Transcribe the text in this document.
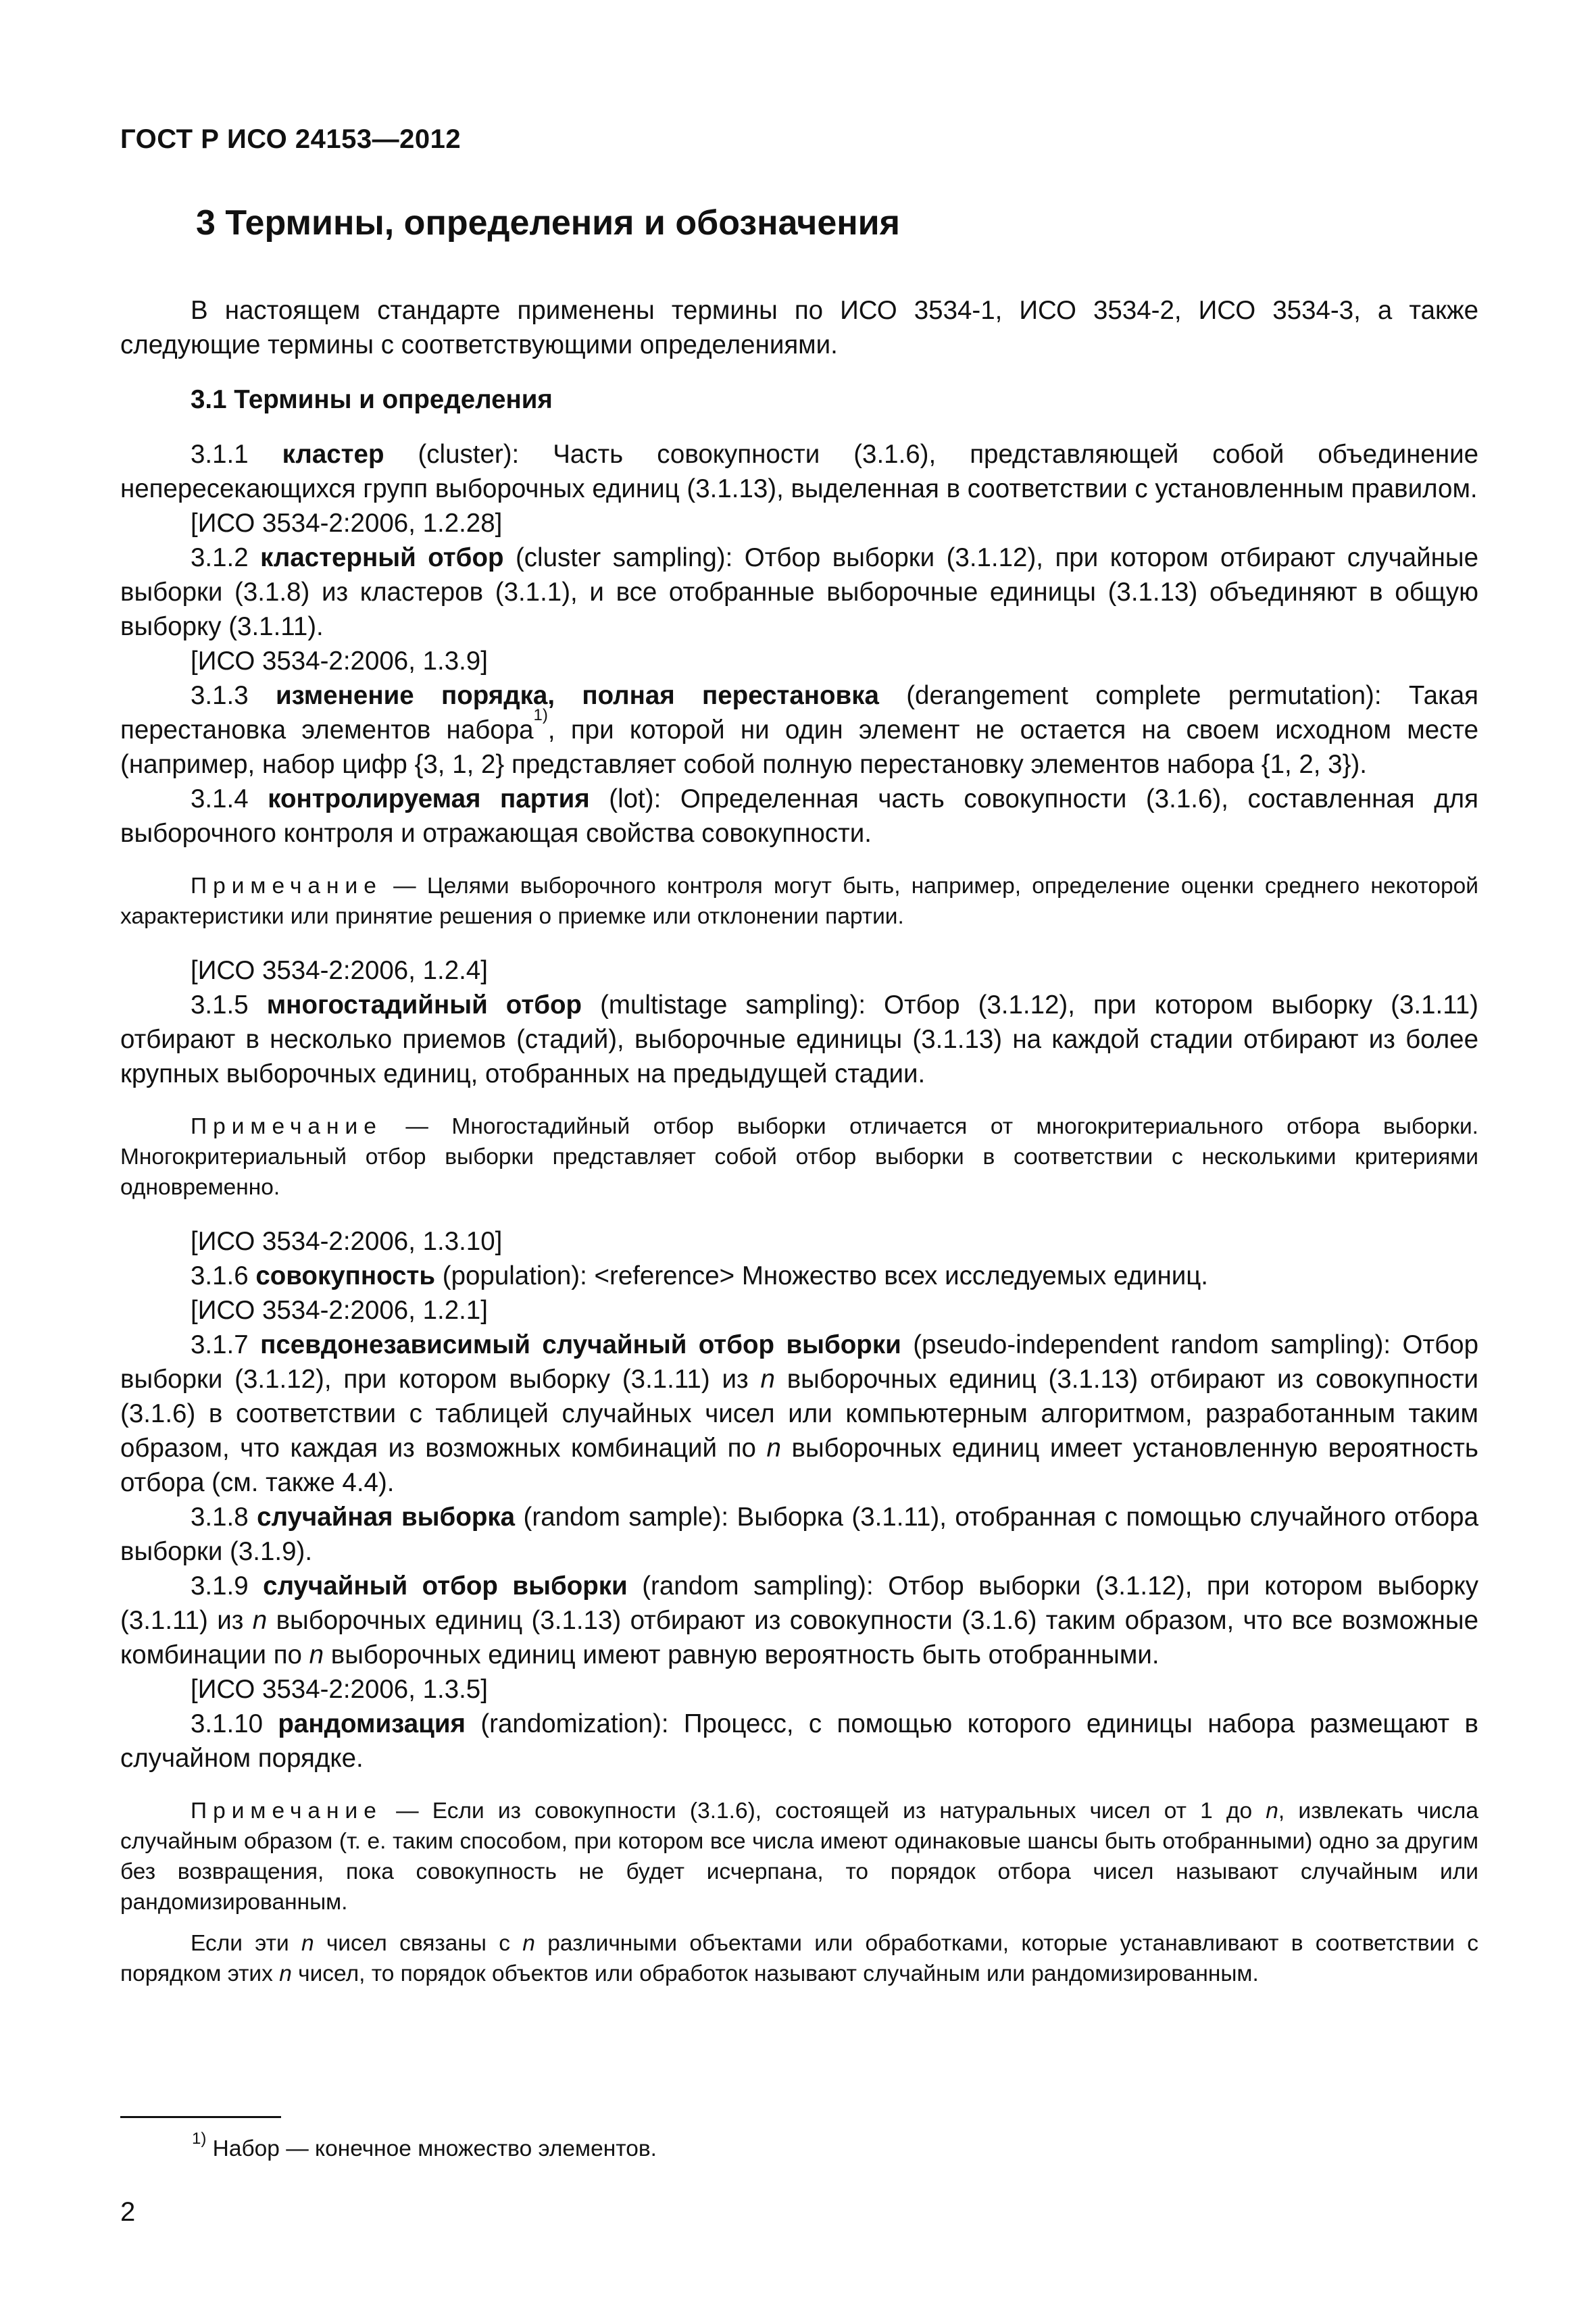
ГОСТ Р ИСО 24153—2012
3 Термины, определения и обозначения

В настоящем стандарте применены термины по ИСО 3534-1, ИСО 3534-2, ИСО 3534-3, а также следующие термины с соответствующими определениями.

3.1 Термины и определения

3.1.1 кластер (cluster): Часть совокупности (3.1.6), представляющей собой объединение непересекающихся групп выборочных единиц (3.1.13), выделенная в соответствии с установленным правилом.

[ИСО 3534-2:2006, 1.2.28]

3.1.2 кластерный отбор (cluster sampling): Отбор выборки (3.1.12), при котором отбирают случайные выборки (3.1.8) из кластеров (3.1.1), и все отобранные выборочные единицы (3.1.13) объединяют в общую выборку (3.1.11).

[ИСО 3534-2:2006, 1.3.9]

3.1.3 изменение порядка, полная перестановка (derangement complete permutation): Такая перестановка элементов набора$^{1)}$, при которой ни один элемент не остается на своем исходном месте (например, набор цифр {3, 1, 2} представляет собой полную перестановку элементов набора {1, 2, 3}).

3.1.4 контролируемая партия (lot): Определенная часть совокупности (3.1.6), составленная для выборочного контроля и отражающая свойства совокупности.

Примечание — Целями выборочного контроля могут быть, например, определение оценки среднего некоторой характеристики или принятие решения о приемке или отклонении партии.

[ИСО 3534-2:2006, 1.2.4]

3.1.5 многостадийный отбор (multistage sampling): Отбор (3.1.12), при котором выборку (3.1.11) отбирают в несколько приемов (стадий), выборочные единицы (3.1.13) на каждой стадии отбирают из более крупных выборочных единиц, отобранных на предыдущей стадии.

Примечание — Многостадийный отбор выборки отличается от многокритериального отбора выборки. Многокритериальный отбор выборки представляет собой отбор выборки в соответствии с несколькими критериями одновременно.

[ИСО 3534-2:2006, 1.3.10]

3.1.6 совокупность (population): <reference> Множество всех исследуемых единиц.

[ИСО 3534-2:2006, 1.2.1]

3.1.7 псевдонезависимый случайный отбор выборки (pseudo-independent random sampling): Отбор выборки (3.1.12), при котором выборку (3.1.11) из n выборочных единиц (3.1.13) отбирают из совокупности (3.1.6) в соответствии с таблицей случайных чисел или компьютерным алгоритмом, разработанным таким образом, что каждая из возможных комбинаций по n выборочных единиц имеет установленную вероятность отбора (см. также 4.4).

3.1.8 случайная выборка (random sample): Выборка (3.1.11), отобранная с помощью случайного отбора выборки (3.1.9).

3.1.9 случайный отбор выборки (random sampling): Отбор выборки (3.1.12), при котором выборку (3.1.11) из n выборочных единиц (3.1.13) отбирают из совокупности (3.1.6) таким образом, что все возможные комбинации по n выборочных единиц имеют равную вероятность быть отобранными.

[ИСО 3534-2:2006, 1.3.5]

3.1.10 рандомизация (randomization): Процесс, с помощью которого единицы набора размещают в случайном порядке.

Примечание — Если из совокупности (3.1.6), состоящей из натуральных чисел от 1 до n, извлекать числа случайным образом (т. е. таким способом, при котором все числа имеют одинаковые шансы быть отобранными) одно за другим без возвращения, пока совокупность не будет исчерпана, то порядок отбора чисел называют случайным или рандомизированным.

Если эти n чисел связаны с n различными объектами или обработками, которые устанавливают в соответствии с порядком этих n чисел, то порядок объектов или обработок называют случайным или рандомизированным.

$^{1)}$ Набор — конечное множество элементов.
2
